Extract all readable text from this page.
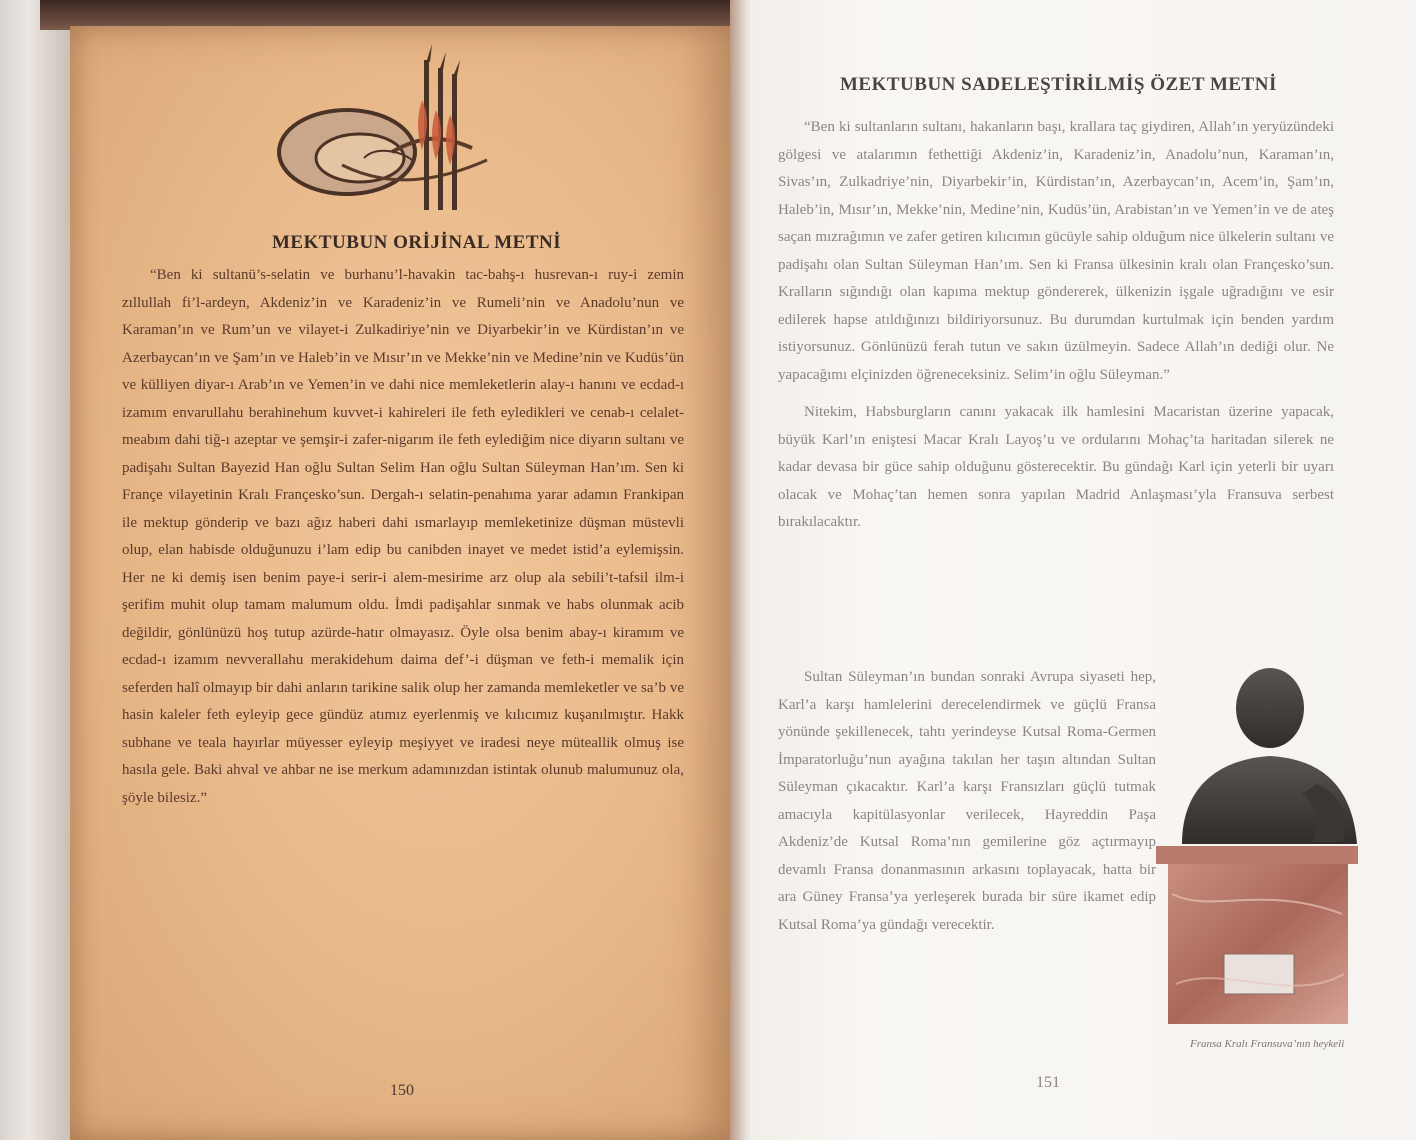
MEKTUBUN ORİJİNAL METNİ

“Ben ki sultanü’s-selatin ve burhanu’l-havakin tac-bahş-ı husrevan-ı ruy-i zemin zıllullah fi’l-ardeyn, Akdeniz’in ve Karadeniz’in ve Rumeli’nin ve Anadolu’nun ve Karaman’ın ve Rum’un ve vilayet-i Zulkadiriye’nin ve Diyarbekir’in ve Kürdistan’ın ve Azerbaycan’ın ve Şam’ın ve Haleb’in ve Mısır’ın ve Mekke’nin ve Medine’nin ve Kudüs’ün ve külliyen diyar-ı Arab’ın ve Yemen’in ve dahi nice memleketlerin alay-ı hanını ve ecdad-ı izamım envarullahu berahinehum kuvvet-i kahireleri ile feth eyledikleri ve cenab-ı celalet-meabım dahi tiğ-ı azeptar ve şemşir-i zafer-nigarım ile feth eylediğim nice diyarın sultanı ve padişahı Sultan Bayezid Han oğlu Sultan Selim Han oğlu Sultan Süleyman Han’ım. Sen ki Françe vilayetinin Kralı Françesko’sun. Dergah-ı selatin-penahıma yarar adamın Frankipan ile mektup gönderip ve bazı ağız haberi dahi ısmarlayıp memleketinize düşman müstevli olup, elan habisde olduğunuzu i’lam edip bu canibden inayet ve medet istid’a eylemişsin. Her ne ki demiş isen benim paye-i serir-i alem-mesirime arz olup ala sebili’t-tafsil ilm-i şerifim muhit olup tamam malumum oldu. İmdi padişahlar sınmak ve habs olunmak acib değildir, gönlünüzü hoş tutup azürde-hatır olmayasız. Öyle olsa benim abay-ı kiramım ve ecdad-ı izamım nevverallahu merakidehum daima def’-i düşman ve feth-i memalik için seferden halî olmayıp bir dahi anların tarikine salik olup her zamanda memleketler ve sa’b ve hasin kaleler feth eyleyip gece gündüz atımız eyerlenmiş ve kılıcımız kuşanılmıştır. Hakk subhane ve teala hayırlar müyesser eyleyip meşiyyet ve iradesi neye müteallik olmuş ise hasıla gele. Baki ahval ve ahbar ne ise merkum adamınızdan istintak olunub malumunuz ola, şöyle bilesiz.”

150
MEKTUBUN SADELEŞTİRİLMİŞ ÖZET METNİ

“Ben ki sultanların sultanı, hakanların başı, krallara taç giydiren, Allah’ın yeryüzündeki gölgesi ve atalarımın fethettiği Akdeniz’in, Karadeniz’in, Anadolu’nun, Karaman’ın, Sivas’ın, Zulkadriye’nin, Diyarbekir’in, Kürdistan’ın, Azerbaycan’ın, Acem’in, Şam’ın, Haleb’in, Mısır’ın, Mekke’nin, Medine’nin, Kudüs’ün, Arabistan’ın ve Yemen’in ve de ateş saçan mızrağımın ve zafer getiren kılıcımın gücüyle sahip olduğum nice ülkelerin sultanı ve padişahı olan Sultan Süleyman Han’ım. Sen ki Fransa ülkesinin kralı olan Françesko’sun. Kralların sığındığı olan kapıma mektup göndererek, ülkenizin işgale uğradığını ve esir edilerek hapse atıldığınızı bildiriyorsunuz. Bu durumdan kurtulmak için benden yardım istiyorsunuz. Gönlünüzü ferah tutun ve sakın üzülmeyin. Sadece Allah’ın dediği olur. Ne yapacağımı elçinizden öğreneceksiniz. Selim’in oğlu Süleyman.”

Nitekim, Habsburgların canını yakacak ilk hamlesini Macaristan üzerine yapacak, büyük Karl’ın eniştesi Macar Kralı Layoş’u ve ordularını Mohaç’ta haritadan silerek ne kadar devasa bir güce sahip olduğunu gösterecektir. Bu gündağı Karl için yeterli bir uyarı olacak ve Mohaç’tan hemen sonra yapılan Madrid Anlaşması’yla Fransuva serbest bırakılacaktır.

Sultan Süleyman’ın bundan sonraki Avrupa siyaseti hep, Karl’a karşı hamlelerini derecelendirmek ve güçlü Fransa yönünde şekillenecek, tahtı yerindeyse Kutsal Roma-Germen İmparatorluğu’nun ayağına takılan her taşın altından Sultan Süleyman çıkacaktır. Karl’a karşı Fransızları güçlü tutmak amacıyla kapitülasyonlar verilecek, Hayreddin Paşa Akdeniz’de Kutsal Roma’nın gemilerine göz açtırmayıp devamlı Fransa donanmasının arkasını toplayacak, hatta bir ara Güney Fransa’ya yerleşerek burada bir süre ikamet edip Kutsal Roma’ya gündağı verecektir.

Fransa Kralı Fransuva’nın heykeli
151
